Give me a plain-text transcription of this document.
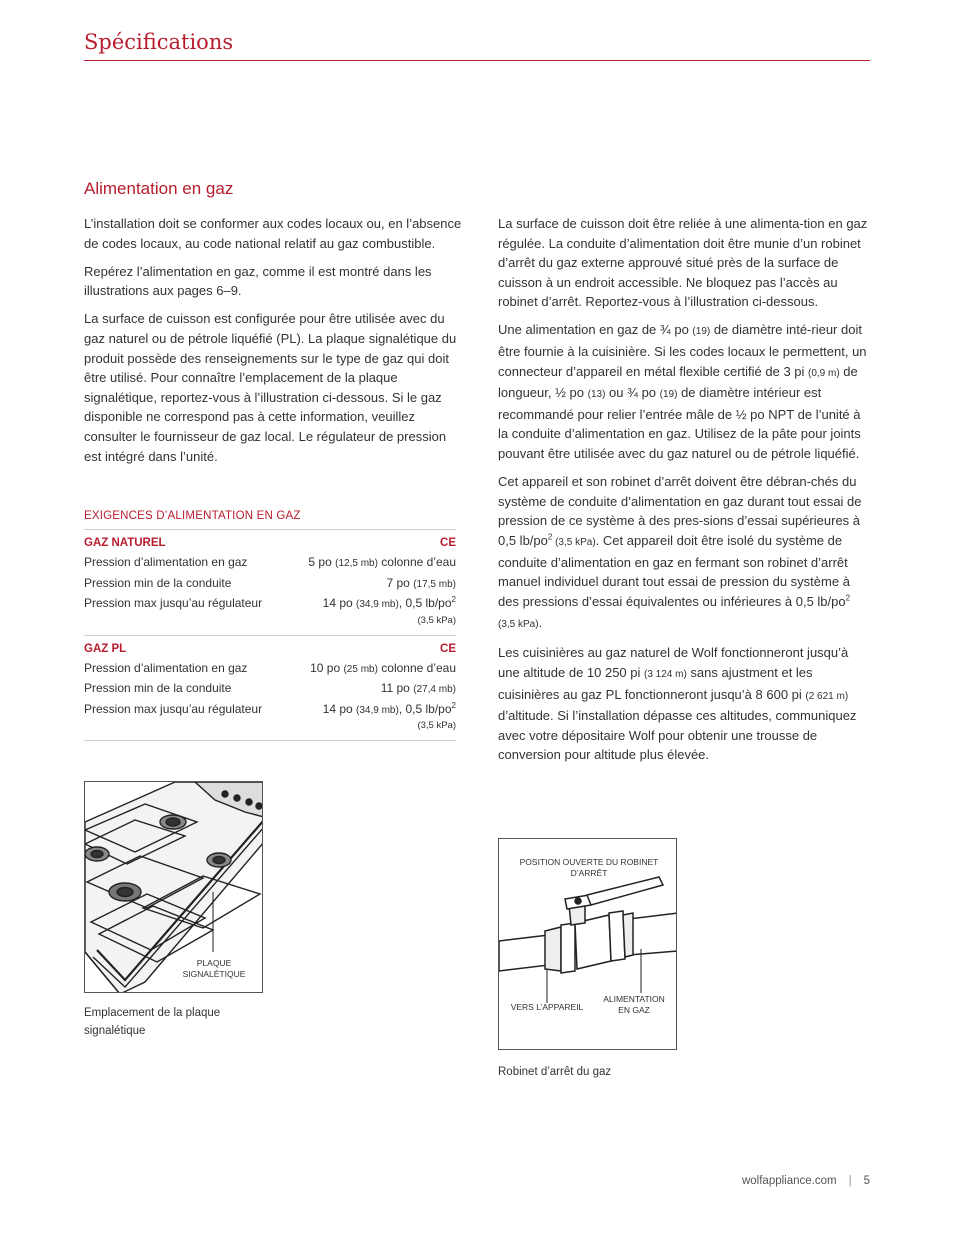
Spécifications
Alimentation en gaz

L’installation doit se conformer aux codes locaux ou, en l’absence de codes locaux, au code national relatif au gaz combustible.

Repérez l’alimentation en gaz, comme il est montré dans les illustrations aux pages 6–9.

La surface de cuisson est configurée pour être utilisée avec du gaz naturel ou de pétrole liquéfié (PL). La plaque signalétique du produit possède des renseignements sur le type de gaz qui doit être utilisé. Pour connaître l’emplacement de la plaque signalétique, reportez-vous à l’illustration ci-dessous. Si le gaz disponible ne correspond pas à cette information, veuillez consulter le fournisseur de gaz local. Le régulateur de pression est intégré dans l’unité.

EXIGENCES D’ALIMENTATION EN GAZ
GAZ NATUREL	CE
Pression d’alimentation en gaz	5 po (12,5 mb) colonne d’eau
Pression min de la conduite	7 po (17,5 mb)
Pression max jusqu’au régulateur	14 po (34,9 mb), 0,5 $lb/po^2$
(3,5 kPa)
GAZ PL	CE
Pression d’alimentation en gaz	10 po (25 mb) colonne d’eau
Pression min de la conduite	11 po (27,4 mb)
Pression max jusqu’au régulateur	14 po (34,9 mb), 0,5 $lb/po^2$
(3,5 kPa)

La surface de cuisson doit être reliée à une alimenta-tion en gaz régulée. La conduite d’alimentation doit être munie d’un robinet d’arrêt du gaz externe approuvé situé près de la surface de cuisson à un endroit accessible. Ne bloquez pas l’accès au robinet d’arrêt. Reportez-vous à l’illustration ci-dessous.

Une alimentation en gaz de ¾ po (19) de diamètre inté-rieur doit être fournie à la cuisinière. Si les codes locaux le permettent, un connecteur d’appareil en métal flexible certifié de 3 pi (0,9 m) de longueur, ½ po (13) ou ¾ po (19) de diamètre intérieur est recommandé pour relier l’entrée mâle de ½ po NPT de l’unité à la conduite d’alimentation en gaz. Utilisez de la pâte pour joints pouvant être utilisée avec du gaz naturel ou de pétrole liquéfié.

Cet appareil et son robinet d’arrêt doivent être débran-chés du système de conduite d’alimentation en gaz durant tout essai de pression de ce système à des pres-sions d’essai supérieures à 0,5 $lb/po^2$ (3,5 kPa). Cet appareil doit être isolé du système de conduite d’alimentation en gaz en fermant son robinet d’arrêt manuel individuel durant tout essai de pression du système à des pressions d’essai équivalentes ou inférieures à 0,5 $lb/po^2$ (3,5 kPa).

Les cuisinières au gaz naturel de Wolf fonctionneront jusqu’à une altitude de 10 250 pi (3 124 m) sans ajustment et les cuisinières au gaz PL fonctionneront jusqu’à 8 600 pi (2 621 m) d’altitude. Si l’installation dépasse ces altitudes, communiquez avec votre dépositaire Wolf pour obtenir une trousse de conversion pour altitude plus élevée.

PLAQUE
SIGNALÉTIQUE
Emplacement de la plaque signalétique
POSITION OUVERTE DU ROBINET D’ARRÊT
VERS L’APPAREIL
ALIMENTATION EN GAZ
Robinet d’arrêt du gaz
wolfappliance.com | 5
